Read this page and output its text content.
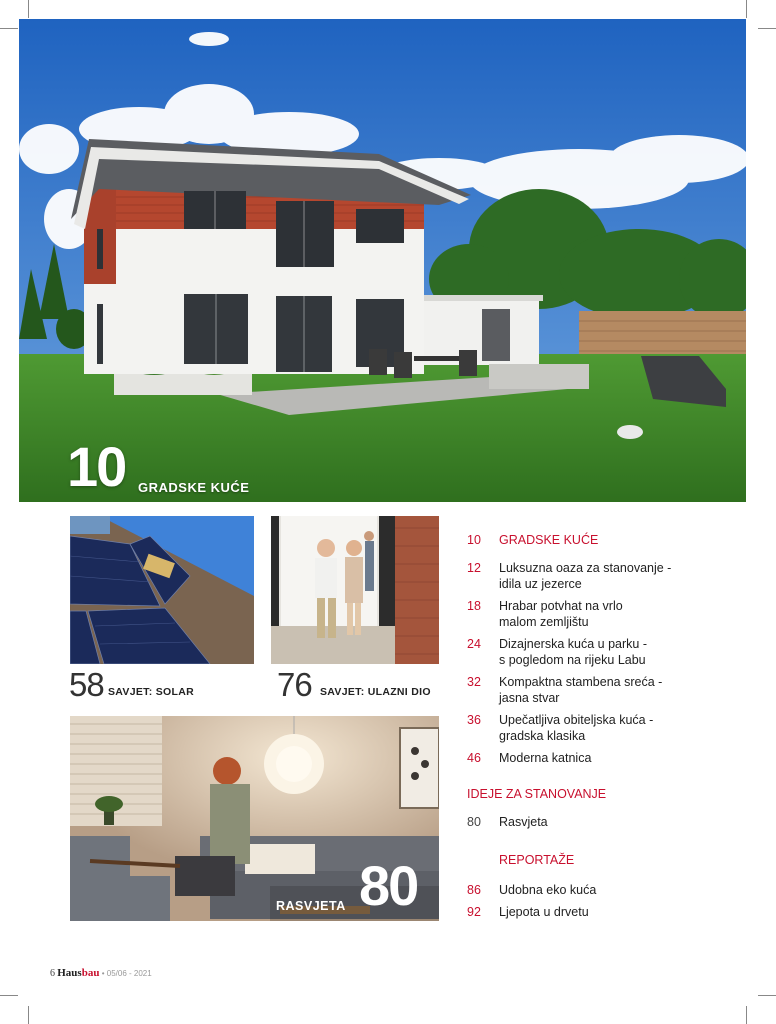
10 GRADSKE KUĆE
58 SAVJET: SOLAR	76 SAVJET: ULAZNI DIO
RASVJETA 80
10	GRADSKE KUĆE
12	Luksuzna oaza za stanovanje -
idila uz jezerce
18	Hrabar potvhat na vrlo
malom zemljištu
24	Dizajnerska kuća u parku -
s pogledom na rijeku Labu
32	Kompaktna stambena sreća -
jasna stvar
36	Upečatljiva obiteljska kuća -
gradska klasika
46	Moderna katnica
IDEJE ZA STANOVANJE
80	Rasvjeta
REPORTAŽE
86	Udobna eko kuća
92	Ljepota u drvetu
6 Hausbau • 05/06 - 2021
